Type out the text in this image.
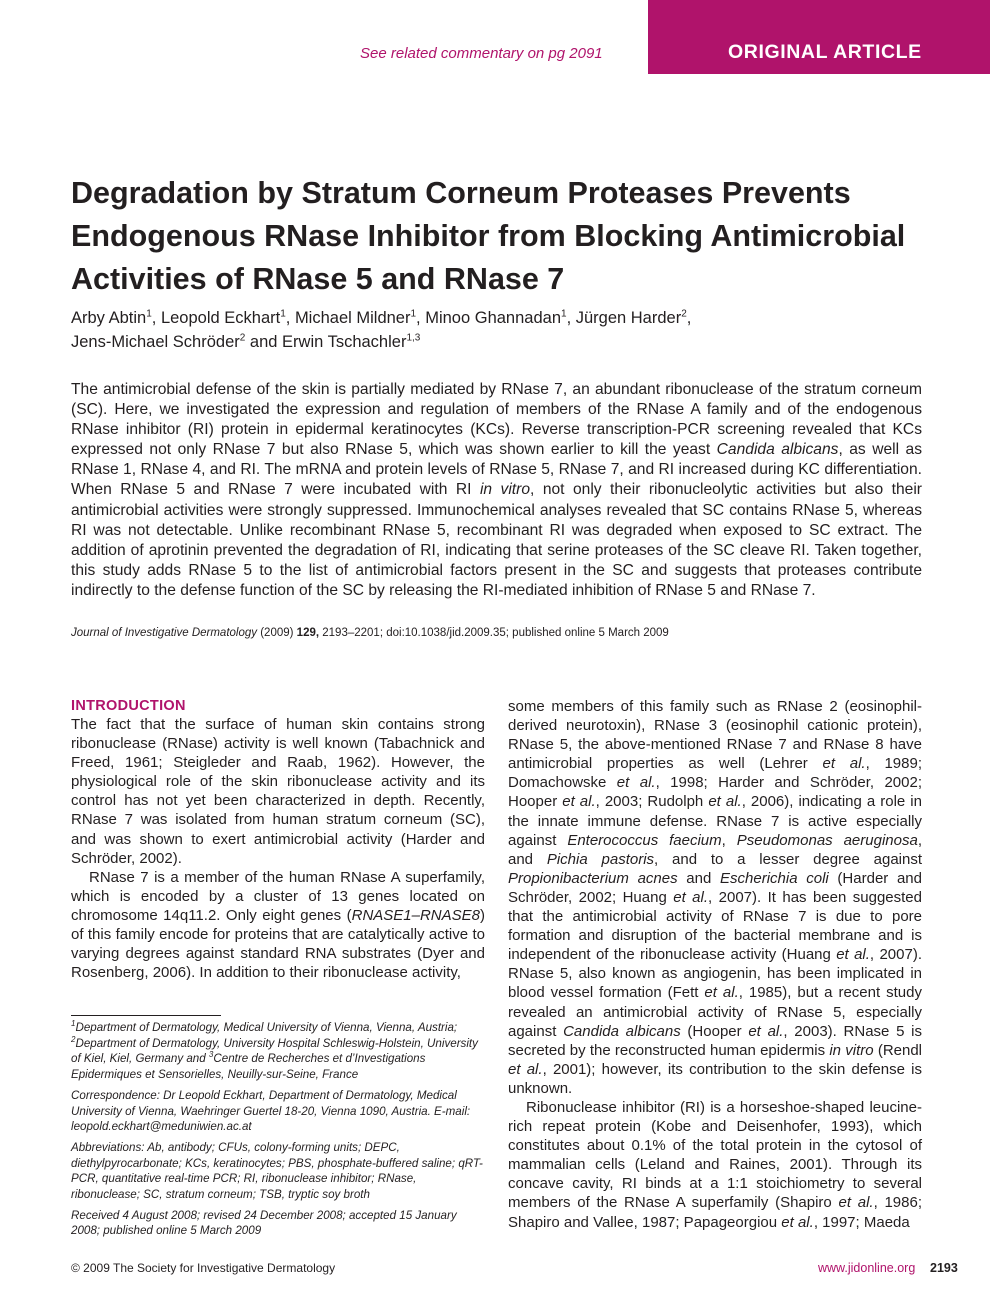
See related commentary on pg 2091	ORIGINAL ARTICLE
Degradation by Stratum Corneum Proteases Prevents Endogenous RNase Inhibitor from Blocking Antimicrobial Activities of RNase 5 and RNase 7
Arby Abtin$^1$, Leopold Eckhart$^1$, Michael Mildner$^1$, Minoo Ghannadan$^1$, Jürgen Harder$^2$,
Jens-Michael Schröder$^2$ and Erwin Tschachler$^{1,3}$

The antimicrobial defense of the skin is partially mediated by RNase 7, an abundant ribonuclease of the stratum corneum (SC). Here, we investigated the expression and regulation of members of the RNase A family and of the endogenous RNase inhibitor (RI) protein in epidermal keratinocytes (KCs). Reverse transcription-PCR screening revealed that KCs expressed not only RNase 7 but also RNase 5, which was shown earlier to kill the yeast Candida albicans, as well as RNase 1, RNase 4, and RI. The mRNA and protein levels of RNase 5, RNase 7, and RI increased during KC differentiation. When RNase 5 and RNase 7 were incubated with RI in vitro, not only their ribonucleolytic activities but also their antimicrobial activities were strongly suppressed. Immunochemical analyses revealed that SC contains RNase 5, whereas RI was not detectable. Unlike recombinant RNase 5, recombinant RI was degraded when exposed to SC extract. The addition of aprotinin prevented the degradation of RI, indicating that serine proteases of the SC cleave RI. Taken together, this study adds RNase 5 to the list of antimicrobial factors present in the SC and suggests that proteases contribute indirectly to the defense function of the SC by releasing the RI-mediated inhibition of RNase 5 and RNase 7.

Journal of Investigative Dermatology (2009) 129, 2193–2201; doi:10.1038/jid.2009.35; published online 5 March 2009
INTRODUCTION

The fact that the surface of human skin contains strong ribonuclease (RNase) activity is well known (Tabachnick and Freed, 1961; Steigleder and Raab, 1962). However, the physiological role of the skin ribonuclease activity and its control has not yet been characterized in depth. Recently, RNase 7 was isolated from human stratum corneum (SC), and was shown to exert antimicrobial activity (Harder and Schröder, 2002).

RNase 7 is a member of the human RNase A superfamily, which is encoded by a cluster of 13 genes located on chromosome 14q11.2. Only eight genes (RNASE1–RNASE8) of this family encode for proteins that are catalytically active to varying degrees against standard RNA substrates (Dyer and Rosenberg, 2006). In addition to their ribonuclease activity,

$^1$Department of Dermatology, Medical University of Vienna, Vienna, Austria; $^2$Department of Dermatology, University Hospital Schleswig-Holstein, University of Kiel, Kiel, Germany and $^3$Centre de Recherches et d’Investigations Epidermiques et Sensorielles, Neuilly-sur-Seine, France

Correspondence: Dr Leopold Eckhart, Department of Dermatology, Medical University of Vienna, Waehringer Guertel 18-20, Vienna 1090, Austria. E-mail: leopold.eckhart@meduniwien.ac.at

Abbreviations: Ab, antibody; CFUs, colony-forming units; DEPC, diethylpyrocarbonate; KCs, keratinocytes; PBS, phosphate-buffered saline; qRT-PCR, quantitative real-time PCR; RI, ribonuclease inhibitor; RNase, ribonuclease; SC, stratum corneum; TSB, tryptic soy broth

Received 4 August 2008; revised 24 December 2008; accepted 15 January 2008; published online 5 March 2009

some members of this family such as RNase 2 (eosinophil-derived neurotoxin), RNase 3 (eosinophil cationic protein), RNase 5, the above-mentioned RNase 7 and RNase 8 have antimicrobial properties as well (Lehrer et al., 1989; Domachowske et al., 1998; Harder and Schröder, 2002; Hooper et al., 2003; Rudolph et al., 2006), indicating a role in the innate immune defense. RNase 7 is active especially against Enterococcus faecium, Pseudomonas aeruginosa, and Pichia pastoris, and to a lesser degree against Propionibacterium acnes and Escherichia coli (Harder and Schröder, 2002; Huang et al., 2007). It has been suggested that the antimicrobial activity of RNase 7 is due to pore formation and disruption of the bacterial membrane and is independent of the ribonuclease activity (Huang et al., 2007). RNase 5, also known as angiogenin, has been implicated in blood vessel formation (Fett et al., 1985), but a recent study revealed an antimicrobial activity of RNase 5, especially against Candida albicans (Hooper et al., 2003). RNase 5 is secreted by the reconstructed human epidermis in vitro (Rendl et al., 2001); however, its contribution to the skin defense is unknown.

Ribonuclease inhibitor (RI) is a horseshoe-shaped leucine-rich repeat protein (Kobe and Deisenhofer, 1993), which constitutes about 0.1% of the total protein in the cytosol of mammalian cells (Leland and Raines, 2001). Through its concave cavity, RI binds at a 1:1 stoichiometry to several members of the RNase A superfamily (Shapiro et al., 1986; Shapiro and Vallee, 1987; Papageorgiou et al., 1997; Maeda

© 2009 The Society for Investigative Dermatology	www.jidonline.org 2193
